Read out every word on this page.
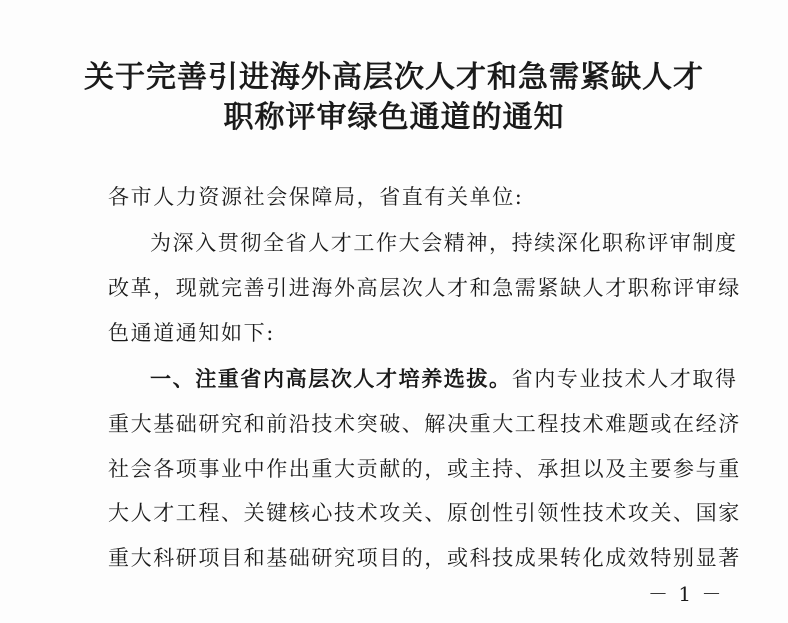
关于完善引进海外高层次人才和急需紧缺人才
职称评审绿色通道的通知
各市人力资源社会保障局，省直有关单位:
为深入贯彻全省人才工作大会精神，持续深化职称评审制度
改革，现就完善引进海外高层次人才和急需紧缺人才职称评审绿
色通道通知如下:
一、注重省内高层次人才培养选拔。省内专业技术人才取得
重大基础研究和前沿技术突破、解决重大工程技术难题或在经济
社会各项事业中作出重大贡献的，或主持、承担以及主要参与重
大人才工程、关键核心技术攻关、原创性引领性技术攻关、国家
重大科研项目和基础研究项目的，或科技成果转化成效特别显著
－ 1 －
